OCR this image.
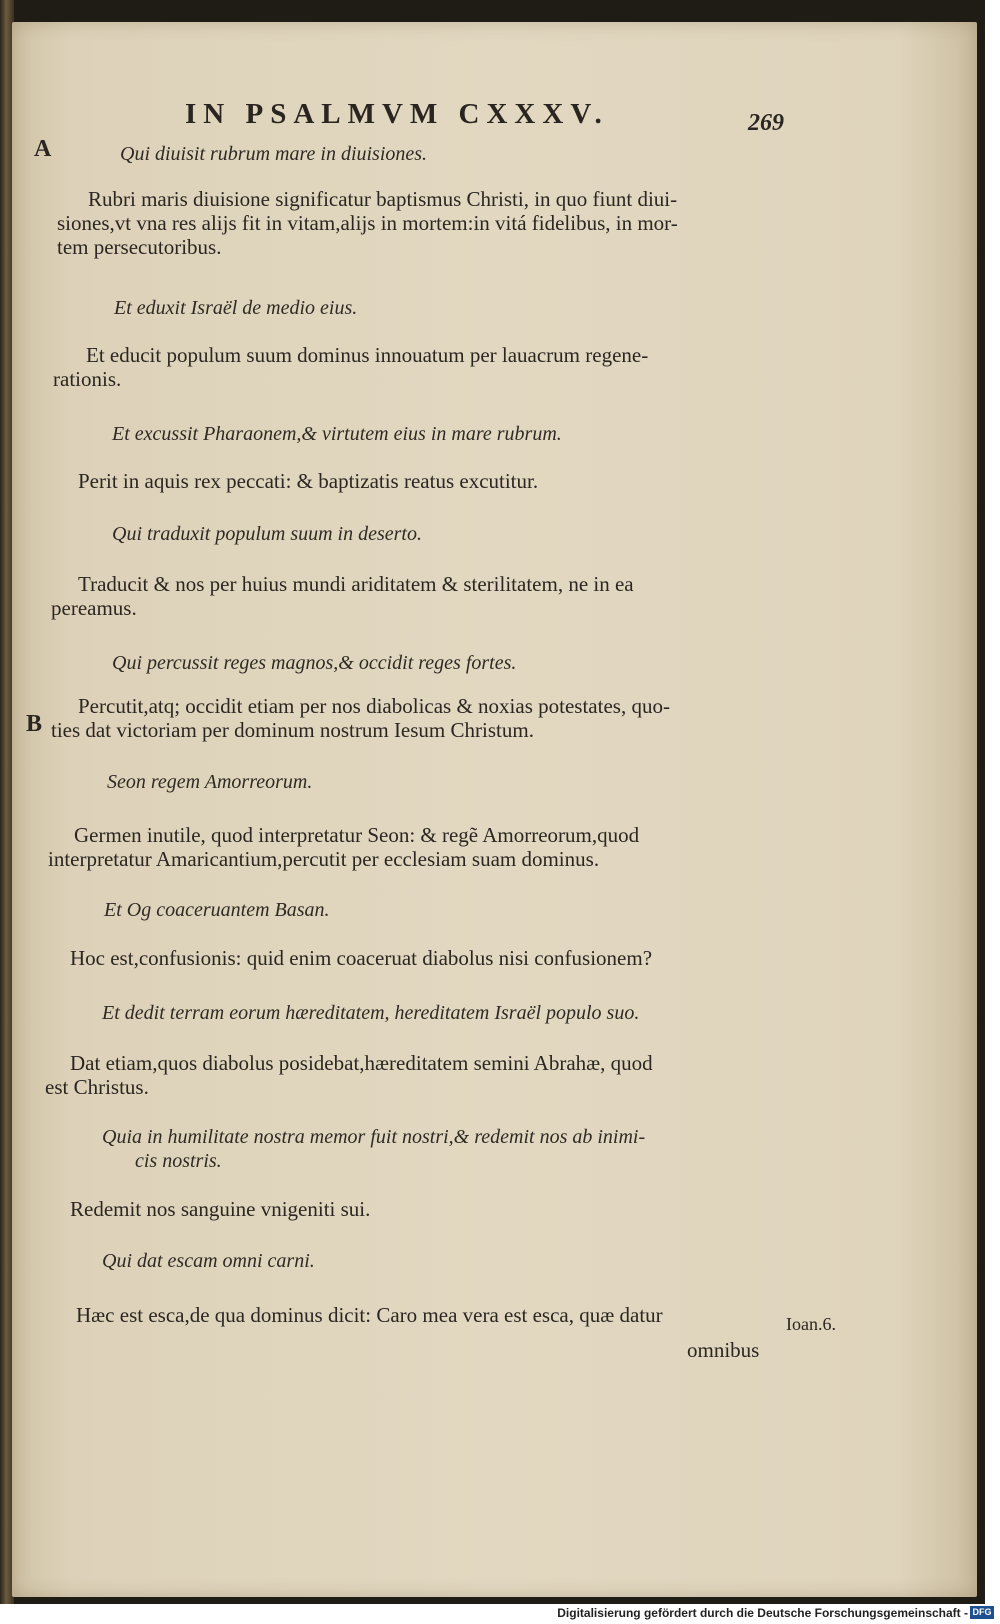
IN PSALMVM CXXXV.	269
A	Qui diuisit rubrum mare in diuisiones.
Rubri maris diuisione significatur baptismus Christi, in quo fiunt diui-
siones,vt vna res alijs fit in vitam,alijs in mortem:in vitá fidelibus, in mor-
tem persecutoribus.
Et eduxit Israël de medio eius.
Et educit populum suum dominus innouatum per lauacrum regene-
rationis.
Et excussit Pharaonem,& virtutem eius in mare rubrum.
Perit in aquis rex peccati: & baptizatis reatus excutitur.
Qui traduxit populum suum in deserto.
Traducit & nos per huius mundi ariditatem & sterilitatem, ne in ea
pereamus.
Qui percussit reges magnos,& occidit reges fortes.
Percutit,atq; occidit etiam per nos diabolicas & noxias potestates, quo-
B ties dat victoriam per dominum nostrum Iesum Christum.
Seon regem Amorreorum.
Germen inutile, quod interpretatur Seon: & regẽ Amorreorum,quod
interpretatur Amaricantium,percutit per ecclesiam suam dominus.
Et Og coaceruantem Basan.
Hoc est,confusionis: quid enim coaceruat diabolus nisi confusionem?
Et dedit terram eorum hæreditatem, hereditatem Israël populo suo.
Dat etiam,quos diabolus posidebat,hæreditatem semini Abrahæ, quod
est Christus.
Quia in humilitate nostra memor fuit nostri,& redemit nos ab inimi-
cis nostris.
Redemit nos sanguine vnigeniti sui.
Qui dat escam omni carni.
Hæc est esca,de qua dominus dicit: Caro mea vera est esca, quæ datur	Ioan.6.
omnibus
Digitalisierung gefördert durch die Deutsche Forschungsgemeinschaft - DFG
